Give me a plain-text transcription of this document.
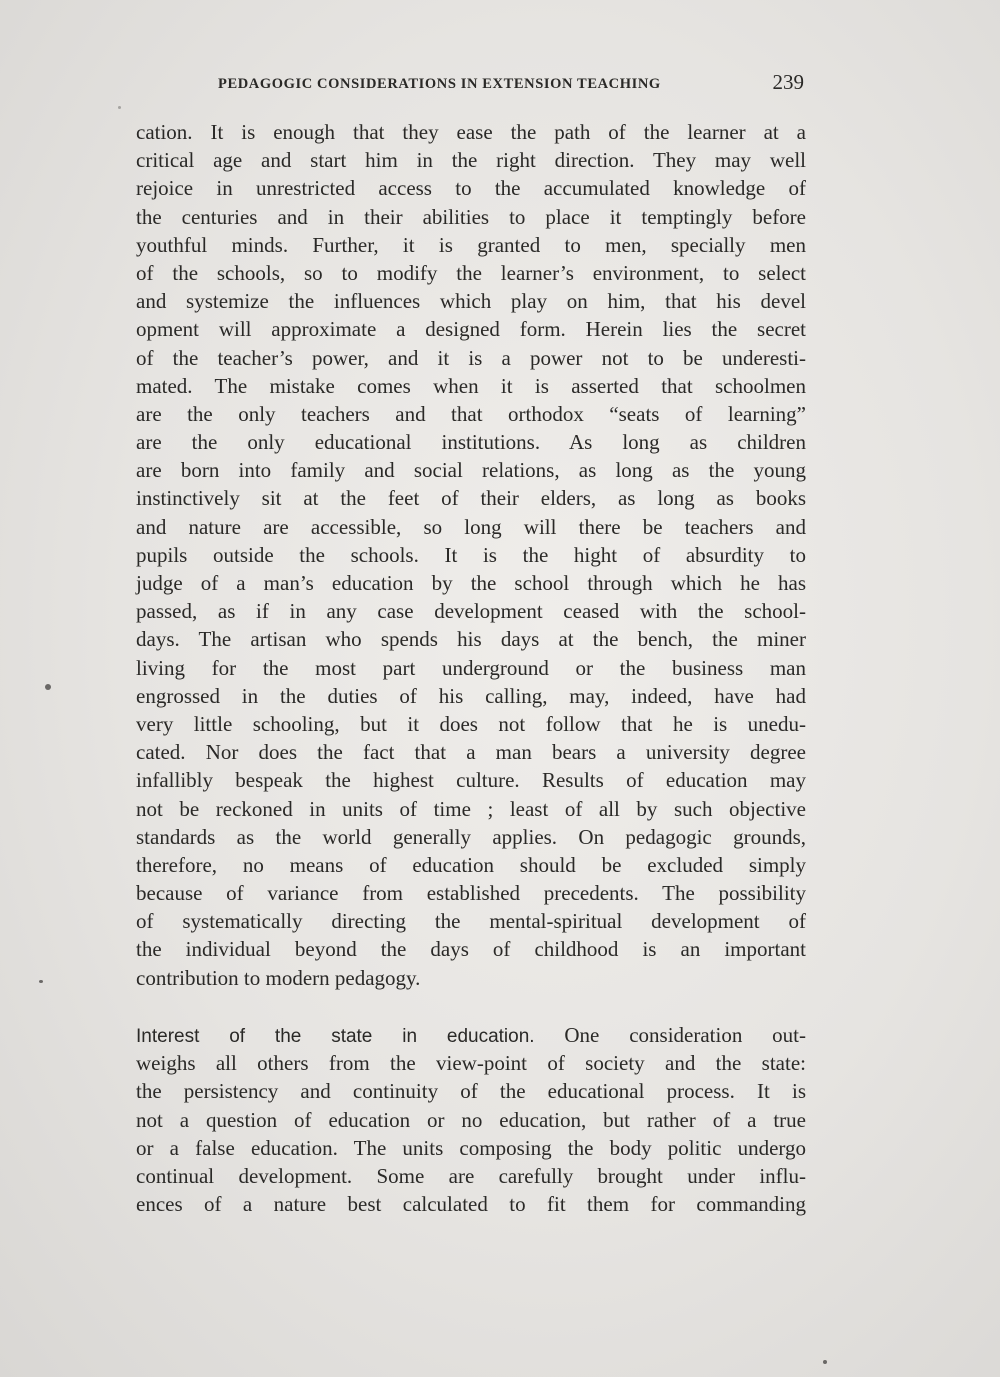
PEDAGOGIC CONSIDERATIONS IN EXTENSION TEACHING	239
cation. It is enough that they ease the path of the learner at a
critical age and start him in the right direction. They may well
rejoice in unrestricted access to the accumulated knowledge of
the centuries and in their abilities to place it temptingly before
youthful minds. Further, it is granted to men, specially men
of the schools, so to modify the learner’s environment, to select
and systemize the influences which play on him, that his devel
opment will approximate a designed form. Herein lies the secret
of the teacher’s power, and it is a power not to be underesti-
mated. The mistake comes when it is asserted that schoolmen
are the only teachers and that orthodox “seats of learning”
are the only educational institutions. As long as children
are born into family and social relations, as long as the young
instinctively sit at the feet of their elders, as long as books
and nature are accessible, so long will there be teachers and
pupils outside the schools. It is the hight of absurdity to
judge of a man’s education by the school through which he has
passed, as if in any case development ceased with the school-
days. The artisan who spends his days at the bench, the miner
living for the most part underground or the business man
engrossed in the duties of his calling, may, indeed, have had
very little schooling, but it does not follow that he is unedu-
cated. Nor does the fact that a man bears a university degree
infallibly bespeak the highest culture. Results of education may
not be reckoned in units of time ; least of all by such objective
standards as the world generally applies. On pedagogic grounds,
therefore, no means of education should be excluded simply
because of variance from established precedents. The possibility
of systematically directing the mental-spiritual development of
the individual beyond the days of childhood is an important
contribution to modern pedagogy.
Interest of the state in education. One consideration out-
weighs all others from the view-point of society and the state:
the persistency and continuity of the educational process. It is
not a question of education or no education, but rather of a true
or a false education. The units composing the body politic undergo
continual development. Some are carefully brought under influ-
ences of a nature best calculated to fit them for commanding
